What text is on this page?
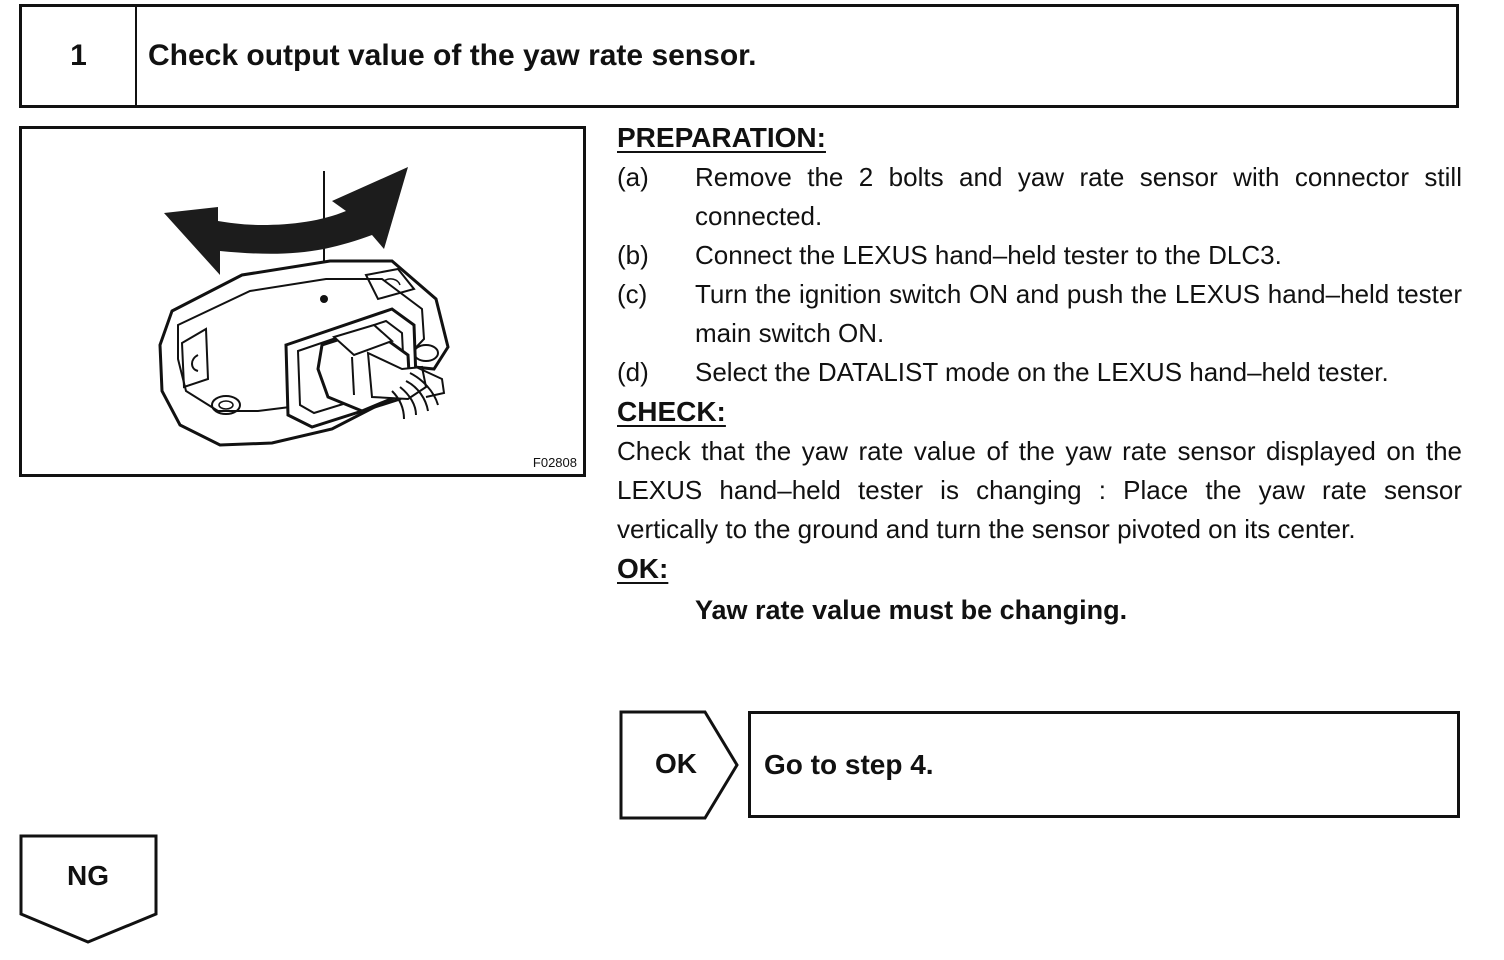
1	Check output value of the yaw rate sensor.
F02808
PREPARATION:
(a)	Remove the 2 bolts and yaw rate sensor with connector still connected.
(b)	Connect the LEXUS hand–held tester to the DLC3.
(c)	Turn the ignition switch ON and push the LEXUS hand–held tester main switch ON.
(d)	Select the DATALIST mode on the LEXUS hand–held tester.
CHECK:
Check that the yaw rate value of the yaw rate sensor displayed on the LEXUS hand–held tester is changing : Place the yaw rate sensor vertically to the ground and turn the sensor pivoted on its center.
OK:
Yaw rate value must be changing.
OK	Go to step 4.
NG
